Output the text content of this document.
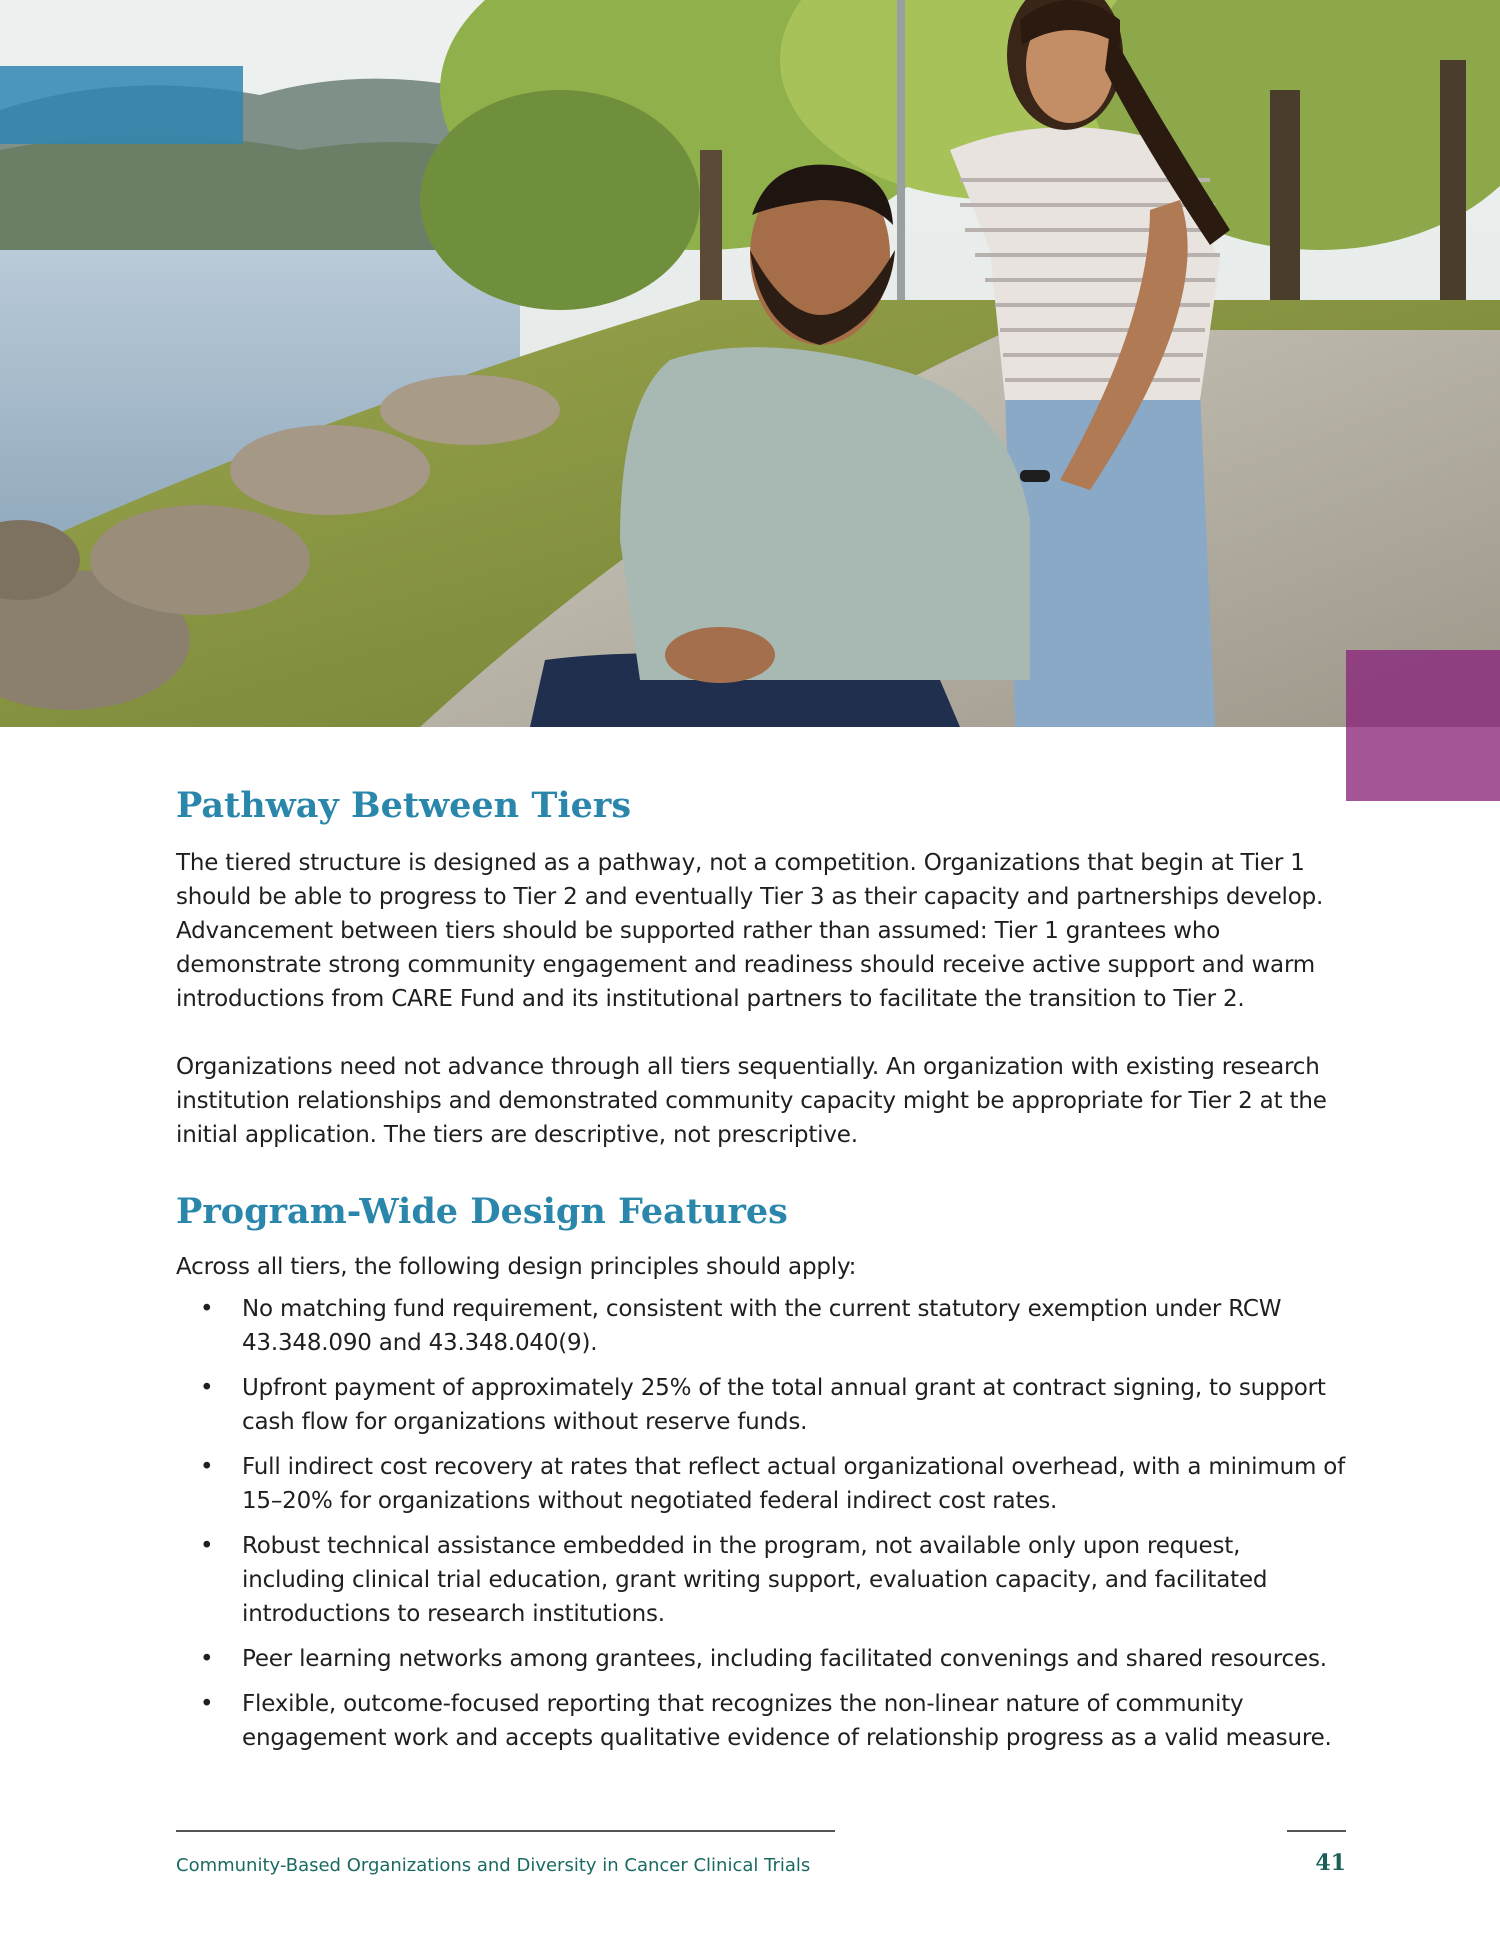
Pathway Between Tiers

The tiered structure is designed as a pathway, not a competition. Organizations that begin at Tier 1 should be able to progress to Tier 2 and eventually Tier 3 as their capacity and partnerships develop. Advancement between tiers should be supported rather than assumed: Tier 1 grantees who demonstrate strong community engagement and readiness should receive active support and warm introductions from CARE Fund and its institutional partners to facilitate the transition to Tier 2.

Organizations need not advance through all tiers sequentially. An organization with existing research institution relationships and demonstrated community capacity might be appropriate for Tier 2 at the initial application. The tiers are descriptive, not prescriptive.

Program-Wide Design Features

Across all tiers, the following design principles should apply:

• No matching fund requirement, consistent with the current statutory exemption under RCW 43.348.090 and 43.348.040(9).
• Upfront payment of approximately 25% of the total annual grant at contract signing, to support cash flow for organizations without reserve funds.
• Full indirect cost recovery at rates that reflect actual organizational overhead, with a minimum of 15–20% for organizations without negotiated federal indirect cost rates.
• Robust technical assistance embedded in the program, not available only upon request, including clinical trial education, grant writing support, evaluation capacity, and facilitated introductions to research institutions.
• Peer learning networks among grantees, including facilitated convenings and shared resources.
• Flexible, outcome-focused reporting that recognizes the non-linear nature of community engagement work and accepts qualitative evidence of relationship progress as a valid measure.
Community-Based Organizations and Diversity in Cancer Clinical Trials	41
